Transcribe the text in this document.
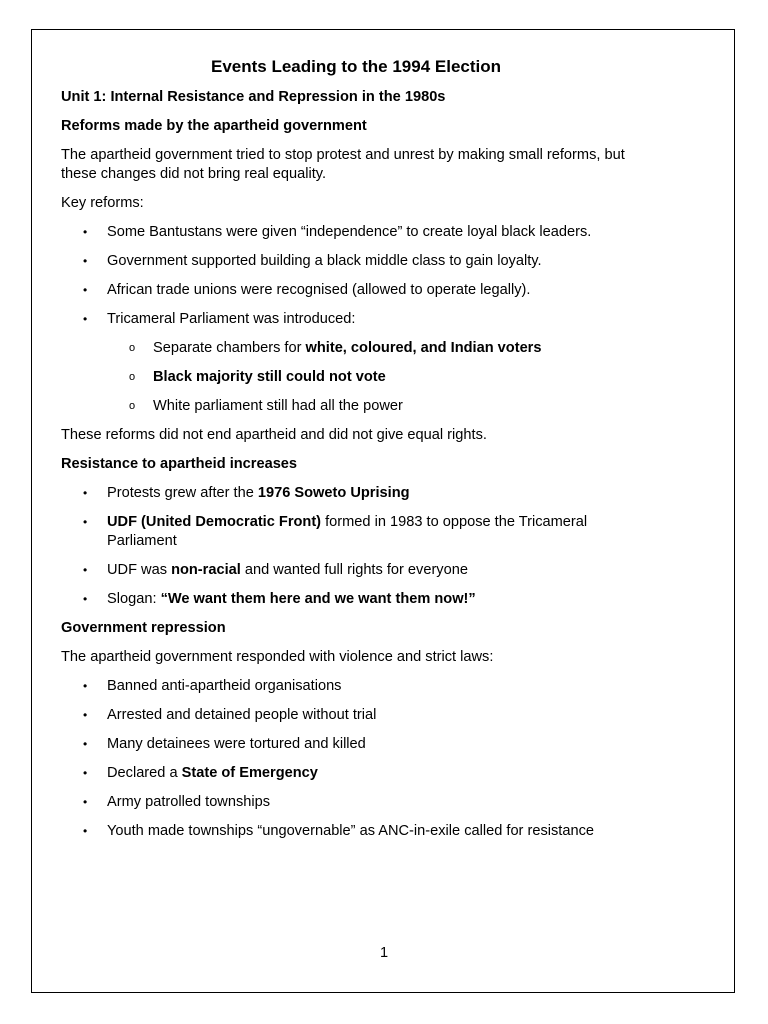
Events Leading to the 1994 Election
Unit 1: Internal Resistance and Repression in the 1980s
Reforms made by the apartheid government

The apartheid government tried to stop protest and unrest by making small reforms, but these changes did not bring real equality.

Key reforms:

• Some Bantustans were given “independence” to create loyal black leaders.
• Government supported building a black middle class to gain loyalty.
• African trade unions were recognised (allowed to operate legally).
• Tricameral Parliament was introduced:
o Separate chambers for white, coloured, and Indian voters
o Black majority still could not vote
o White parliament still had all the power

These reforms did not end apartheid and did not give equal rights.

Resistance to apartheid increases
• Protests grew after the 1976 Soweto Uprising
• UDF (United Democratic Front) formed in 1983 to oppose the Tricameral Parliament
• UDF was non-racial and wanted full rights for everyone
• Slogan: “We want them here and we want them now!”
Government repression

The apartheid government responded with violence and strict laws:

• Banned anti-apartheid organisations
• Arrested and detained people without trial
• Many detainees were tortured and killed
• Declared a State of Emergency
• Army patrolled townships
• Youth made townships “ungovernable” as ANC-in-exile called for resistance
1
